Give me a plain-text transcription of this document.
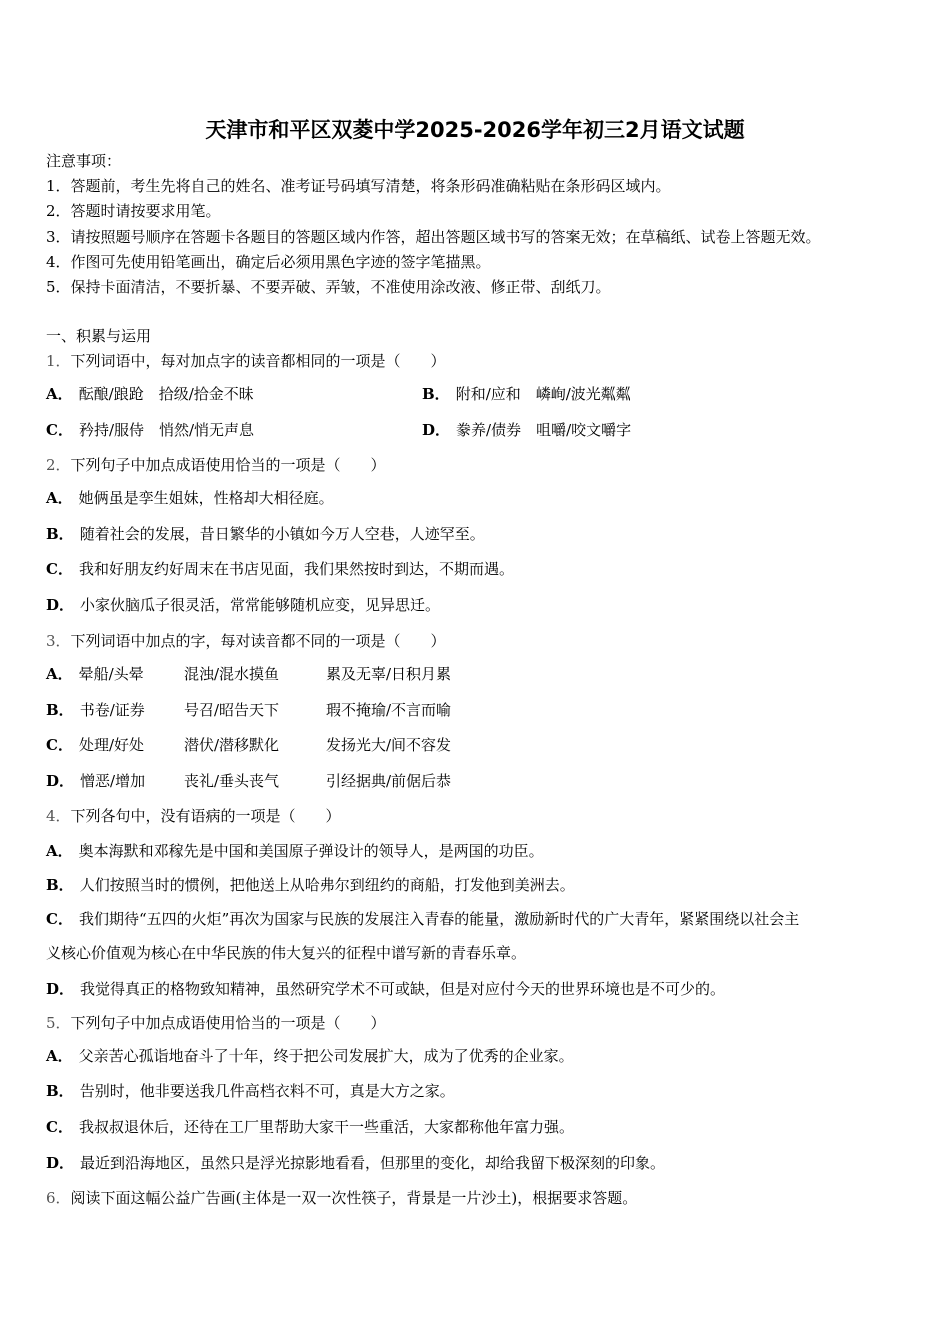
天津市和平区双菱中学2025-2026学年初三2月语文试题
注意事项：
1．答题前，考生先将自己的姓名、准考证号码填写清楚，将条形码准确粘贴在条形码区域内。
2．答题时请按要求用笔。
3．请按照题号顺序在答题卡各题目的答题区域内作答，超出答题区域书写的答案无效；在草稿纸、试卷上答题无效。
4．作图可先使用铅笔画出，确定后必须用黑色字迹的签字笔描黑。
5．保持卡面清洁，不要折暴、不要弄破、弄皱，不准使用涂改液、修正带、刮纸刀。
一、积累与运用
1．下列词语中，每对加点字的读音都相同的一项是（　　）
A． 酝酿/踉跄　拾级/拾金不昧	B． 附和/应和　嶙峋/波光粼粼
C． 矜持/服侍　悄然/悄无声息	D． 豢养/债券　咀嚼/咬文嚼字
2．下列句子中加点成语使用恰当的一项是（　　）
A． 她俩虽是孪生姐妹，性格却大相径庭。
B． 随着社会的发展，昔日繁华的小镇如今万人空巷，人迹罕至。
C． 我和好朋友约好周末在书店见面，我们果然按时到达，不期而遇。
D． 小家伙脑瓜子很灵活，常常能够随机应变，见异思迁。
3．下列词语中加点的字，每对读音都不同的一项是（　　）
A． 晕船/头晕	混浊/混水摸鱼	累及无辜/日积月累
B． 书卷/证券	号召/昭告天下	瑕不掩瑜/不言而喻
C． 处理/好处	潜伏/潜移默化	发扬光大/间不容发
D． 憎恶/增加	丧礼/垂头丧气	引经据典/前倨后恭
4．下列各句中，没有语病的一项是（　　）
A． 奥本海默和邓稼先是中国和美国原子弹设计的领导人，是两国的功臣。
B． 人们按照当时的惯例，把他送上从哈弗尔到纽约的商船，打发他到美洲去。
C． 我们期待“五四的火炬”再次为国家与民族的发展注入青春的能量，激励新时代的广大青年，紧紧围绕以社会主
义核心价值观为核心在中华民族的伟大复兴的征程中谱写新的青春乐章。
D． 我觉得真正的格物致知精神，虽然研究学术不可或缺，但是对应付今天的世界环境也是不可少的。
5．下列句子中加点成语使用恰当的一项是（　　）
A． 父亲苦心孤诣地奋斗了十年，终于把公司发展扩大，成为了优秀的企业家。
B． 告别时，他非要送我几件高档衣料不可，真是大方之家。
C． 我叔叔退休后，还待在工厂里帮助大家干一些重活，大家都称他年富力强。
D． 最近到沿海地区，虽然只是浮光掠影地看看，但那里的变化，却给我留下极深刻的印象。
6．阅读下面这幅公益广告画(主体是一双一次性筷子，背景是一片沙土)，根据要求答题。
